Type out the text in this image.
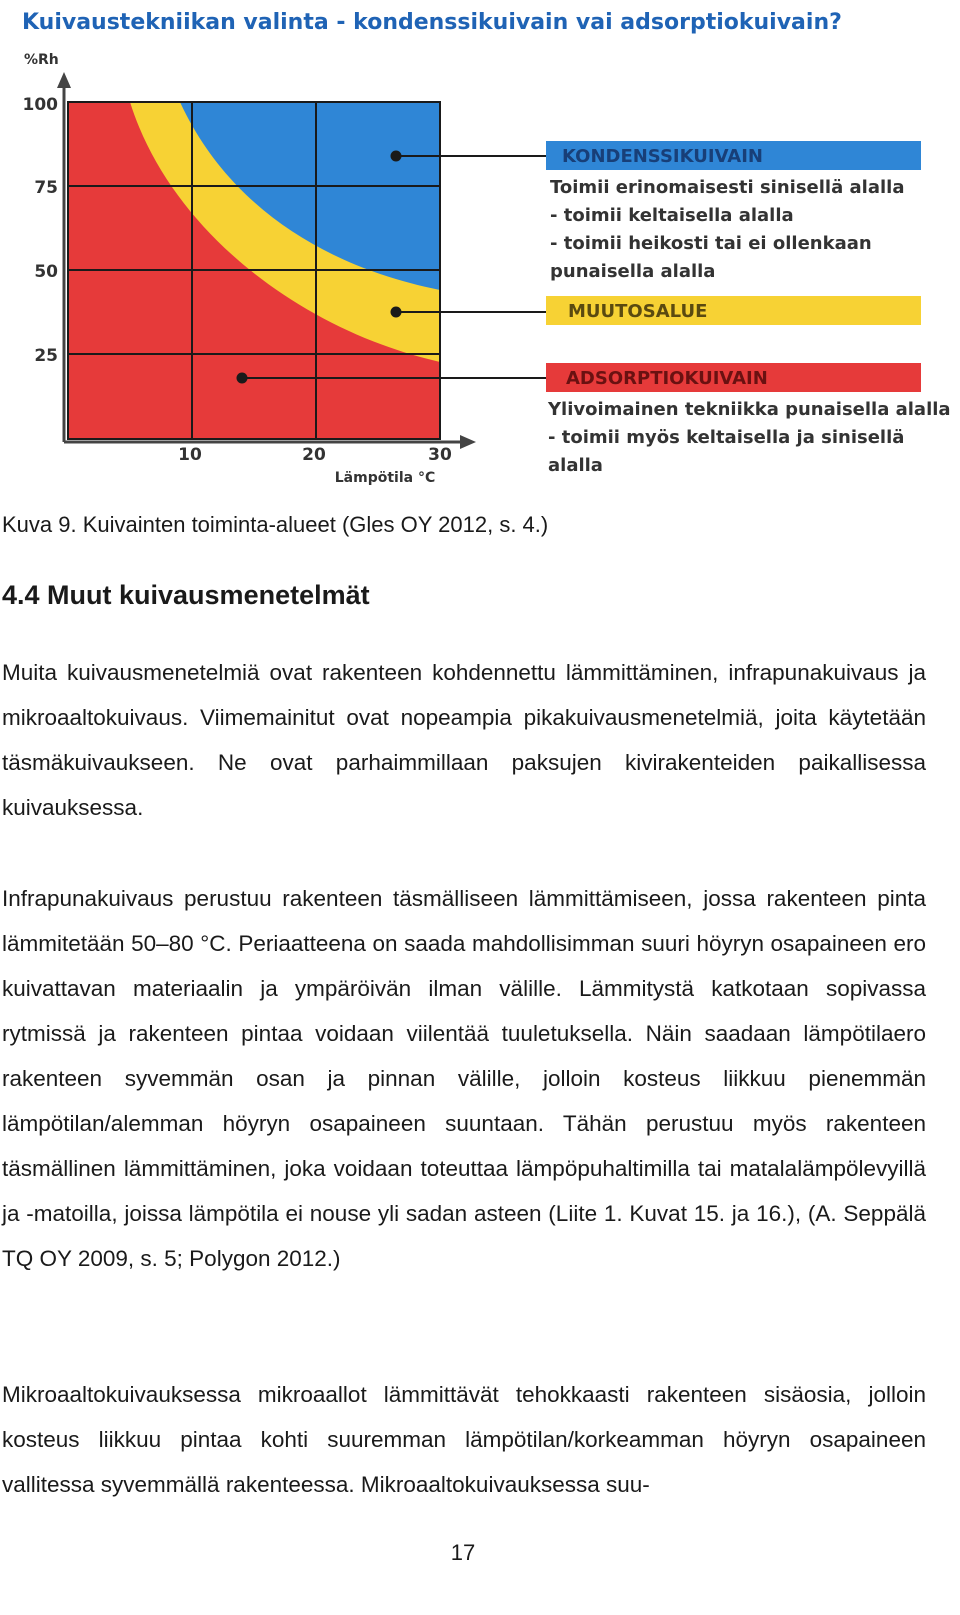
Kuivaustekniikan valinta - kondenssikuivain vai adsorptiokuivain?
%Rh
100
75
50
25
10	20	30
Lämpötila °C
KONDENSSIKUIVAIN
Toimii erinomaisesti sinisellä alalla
- toimii keltaisella alalla
- toimii heikosti tai ei ollenkaan
punaisella alalla
MUUTOSALUE
ADSORPTIOKUIVAIN
Ylivoimainen tekniikka punaisella alalla
- toimii myös keltaisella ja sinisellä
alalla

Kuva 9. Kuivainten toiminta-alueet (Gles OY 2012, s. 4.)

4.4 Muut kuivausmenetelmät

Muita kuivausmenetelmiä ovat rakenteen kohdennettu lämmittäminen, infrapunakuivaus ja mikroaaltokuivaus. Viimemainitut ovat nopeampia pikakuivausmenetelmiä, joita käytetään täsmäkuivaukseen. Ne ovat parhaimmillaan paksujen kivirakenteiden paikallisessa kuivauksessa.

Infrapunakuivaus perustuu rakenteen täsmälliseen lämmittämiseen, jossa rakenteen pinta lämmitetään 50–80 °C. Periaatteena on saada mahdollisimman suuri höyryn osapaineen ero kuivattavan materiaalin ja ympäröivän ilman välille. Lämmitystä katkotaan sopivassa rytmissä ja rakenteen pintaa voidaan viilentää tuuletuksella. Näin saadaan lämpötilaero rakenteen syvemmän osan ja pinnan välille, jolloin kosteus liikkuu pienemmän lämpötilan/alemman höyryn osapaineen suuntaan. Tähän perustuu myös rakenteen täsmällinen lämmittäminen, joka voidaan toteuttaa lämpöpuhaltimilla tai matalalämpölevyillä ja -matoilla, joissa lämpötila ei nouse yli sadan asteen (Liite 1. Kuvat 15. ja 16.), (A. Seppälä TQ OY 2009, s. 5; Polygon 2012.)

Mikroaaltokuivauksessa mikroaallot lämmittävät tehokkaasti rakenteen sisäosia, jolloin kosteus liikkuu pintaa kohti suuremman lämpötilan/korkeamman höyryn osapaineen vallitessa syvemmällä rakenteessa. Mikroaaltokuivauksessa suu-

17
